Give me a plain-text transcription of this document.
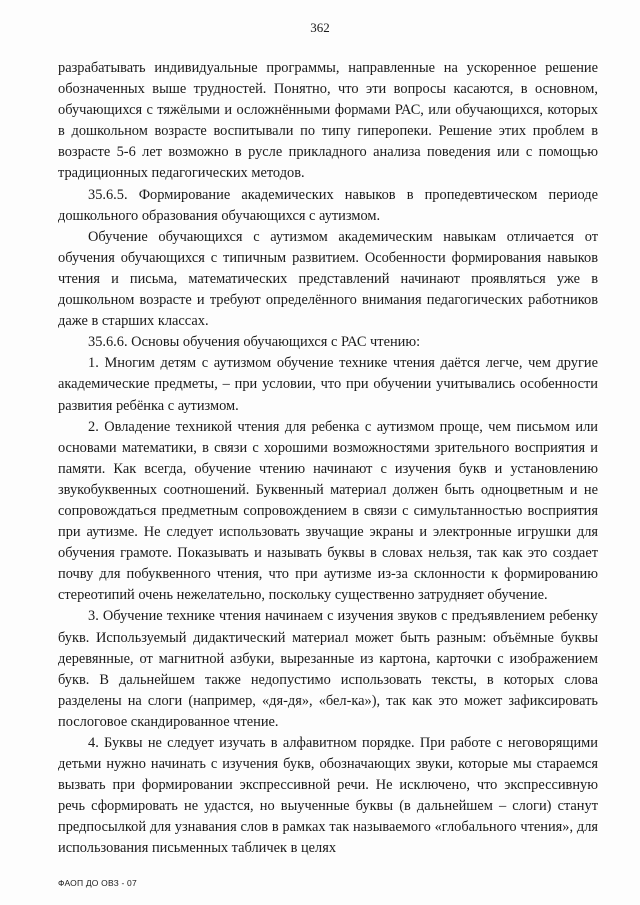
362

разрабатывать индивидуальные программы, направленные на ускоренное решение обозначенных выше трудностей. Понятно, что эти вопросы касаются, в основном, обучающихся с тяжёлыми и осложнёнными формами РАС, или обучающихся, которых в дошкольном возрасте воспитывали по типу гиперопеки. Решение этих проблем в возрасте 5-6 лет возможно в русле прикладного анализа поведения или с помощью традиционных педагогических методов.

35.6.5. Формирование академических навыков в пропедевтическом периоде дошкольного образования обучающихся с аутизмом.

Обучение обучающихся с аутизмом академическим навыкам отличается от обучения обучающихся с типичным развитием. Особенности формирования навыков чтения и письма, математических представлений начинают проявляться уже в дошкольном возрасте и требуют определённого внимания педагогических работников даже в старших классах.

35.6.6. Основы обучения обучающихся с РАС чтению:

1. Многим детям с аутизмом обучение технике чтения даётся легче, чем другие академические предметы, – при условии, что при обучении учитывались особенности развития ребёнка с аутизмом.

2. Овладение техникой чтения для ребенка с аутизмом проще, чем письмом или основами математики, в связи с хорошими возможностями зрительного восприятия и памяти. Как всегда, обучение чтению начинают с изучения букв и установлению звукобуквенных соотношений. Буквенный материал должен быть одноцветным и не сопровождаться предметным сопровождением в связи с симультанностью восприятия при аутизме. Не следует использовать звучащие экраны и электронные игрушки для обучения грамоте. Показывать и называть буквы в словах нельзя, так как это создает почву для побуквенного чтения, что при аутизме из-за склонности к формированию стереотипий очень нежелательно, поскольку существенно затрудняет обучение.

3. Обучение технике чтения начинаем с изучения звуков с предъявлением ребенку букв. Используемый дидактический материал может быть разным: объёмные буквы деревянные, от магнитной азбуки, вырезанные из картона, карточки с изображением букв. В дальнейшем также недопустимо использовать тексты, в которых слова разделены на слоги (например, «дя-дя», «бел-ка»), так как это может зафиксировать послоговое скандированное чтение.

4. Буквы не следует изучать в алфавитном порядке. При работе с неговорящими детьми нужно начинать с изучения букв, обозначающих звуки, которые мы стараемся вызвать при формировании экспрессивной речи. Не исключено, что экспрессивную речь сформировать не удастся, но выученные буквы (в дальнейшем – слоги) станут предпосылкой для узнавания слов в рамках так называемого «глобального чтения», для использования письменных табличек в целях

ФАОП ДО ОВЗ - 07
